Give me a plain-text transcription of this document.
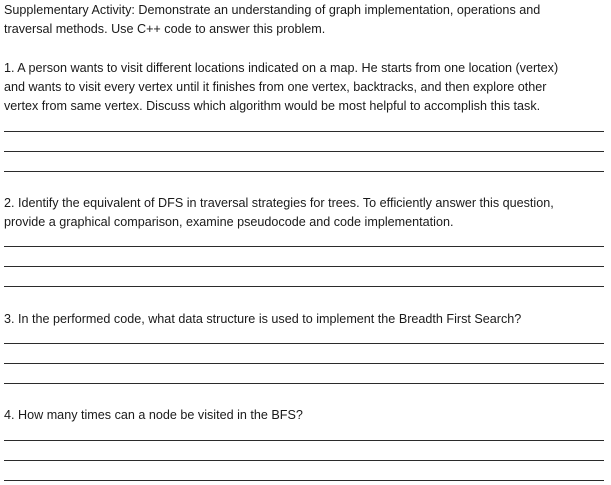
Supplementary Activity: Demonstrate an understanding of graph implementation, operations and
traversal methods. Use C++ code to answer this problem.
1. A person wants to visit different locations indicated on a map. He starts from one location (vertex)
and wants to visit every vertex until it finishes from one vertex, backtracks, and then explore other
vertex from same vertex. Discuss which algorithm would be most helpful to accomplish this task.
2. Identify the equivalent of DFS in traversal strategies for trees. To efficiently answer this question,
provide a graphical comparison, examine pseudocode and code implementation.
3. In the performed code, what data structure is used to implement the Breadth First Search?
4. How many times can a node be visited in the BFS?
